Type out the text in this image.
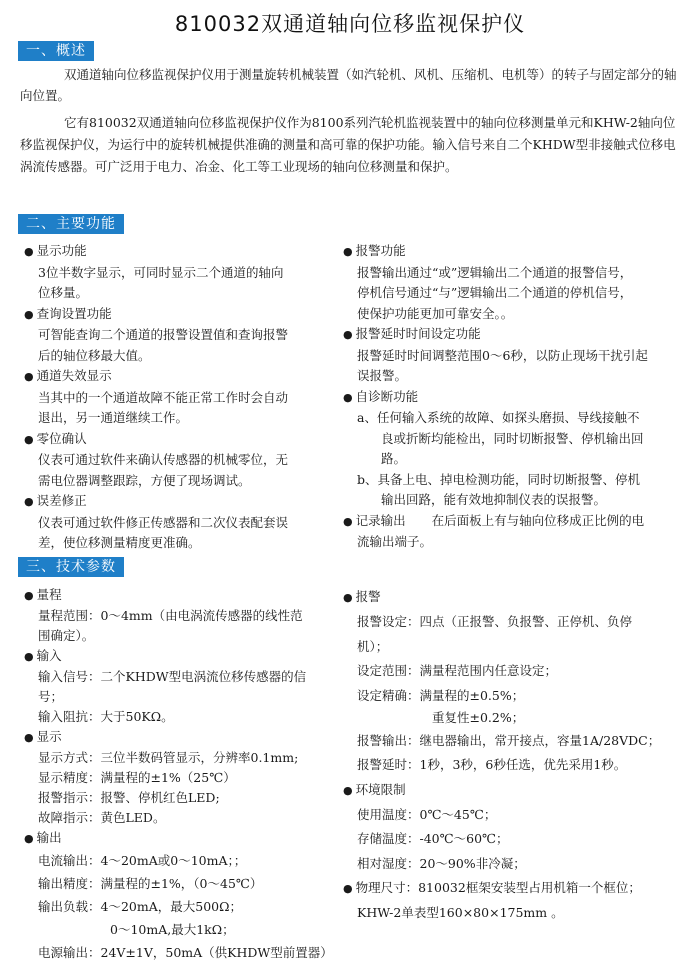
810032双通道轴向位移监视保护仪
一、概述

双通道轴向位移监视保护仪用于测量旋转机械装置（如汽轮机、风机、压缩机、电机等）的转子与固定部分的轴向位置。

它有810032双通道轴向位移监视保护仪作为8100系列汽轮机监视装置中的轴向位移测量单元和KHW-2轴向位移监视保护仪，为运行中的旋转机械提供准确的测量和高可靠的保护功能。输入信号来自二个KHDW型非接触式位移电涡流传感器。可广泛用于电力、冶金、化工等工业现场的轴向位移测量和保护。

二、主要功能
● 显示功能
3位半数字显示，可同时显示二个通道的轴向
位移量。
● 查询设置功能
可智能查询二个通道的报警设置值和查询报警
后的轴位移最大值。
● 通道失效显示
当其中的一个通道故障不能正常工作时会自动
退出，另一通道继续工作。
● 零位确认
仪表可通过软件来确认传感器的机械零位，无
需电位器调整跟踪，方便了现场调试。
● 误差修正
仪表可通过软件修正传感器和二次仪表配套误
差，使位移测量精度更准确。
● 报警功能
报警输出通过“或”逻辑输出二个通道的报警信号，
停机信号通过“与”逻辑输出二个通道的停机信号，
使保护功能更加可靠安全。。
● 报警延时时间设定功能
报警延时时间调整范围0～6秒，以防止现场干扰引起
误报警。
● 自诊断功能
a、任何输入系统的故障、如探头磨损、导线接触不
良或折断均能检出，同时切断报警、停机输出回
路。
b、具备上电、掉电检测功能，同时切断报警、停机
输出回路，能有效地抑制仪表的误报警。
● 记录输出 在后面板上有与轴向位移成正比例的电
流输出端子。
三、技术参数
● 量程
量程范围：0～4mm（由电涡流传感器的线性范
围确定）。
● 输入
输入信号：二个KHDW型电涡流位移传感器的信
号；
输入阻抗：大于50KΩ。
● 显示
显示方式：三位半数码管显示，分辨率0.1mm;
显示精度：满量程的±1%（25℃）
报警指示：报警、停机红色LED;
故障指示：黄色LED。
● 输出
电流输出：4～20mA或0～10mA；；
输出精度：满量程的±1%，（0～45℃）
输出负载：4～20mA，最大500Ω；
0～10mA,最大1kΩ；
电源输出：24V±1V，50mA（供KHDW型前置器）
● 报警
报警设定：四点（正报警、负报警、正停机、负停
机）；
设定范围：满量程范围内任意设定；
设定精确：满量程的±0.5%；
重复性±0.2%；
报警输出：继电器输出，常开接点，容量1A/28VDC；
报警延时：1秒，3秒，6秒任选，优先采用1秒。
● 环境限制
使用温度：0℃～45℃；
存储温度：-40℃～60℃；
相对湿度：20～90%非冷凝；
● 物理尺寸：810032框架安装型占用机箱一个框位；
KHW-2单表型160×80×175mm 。
